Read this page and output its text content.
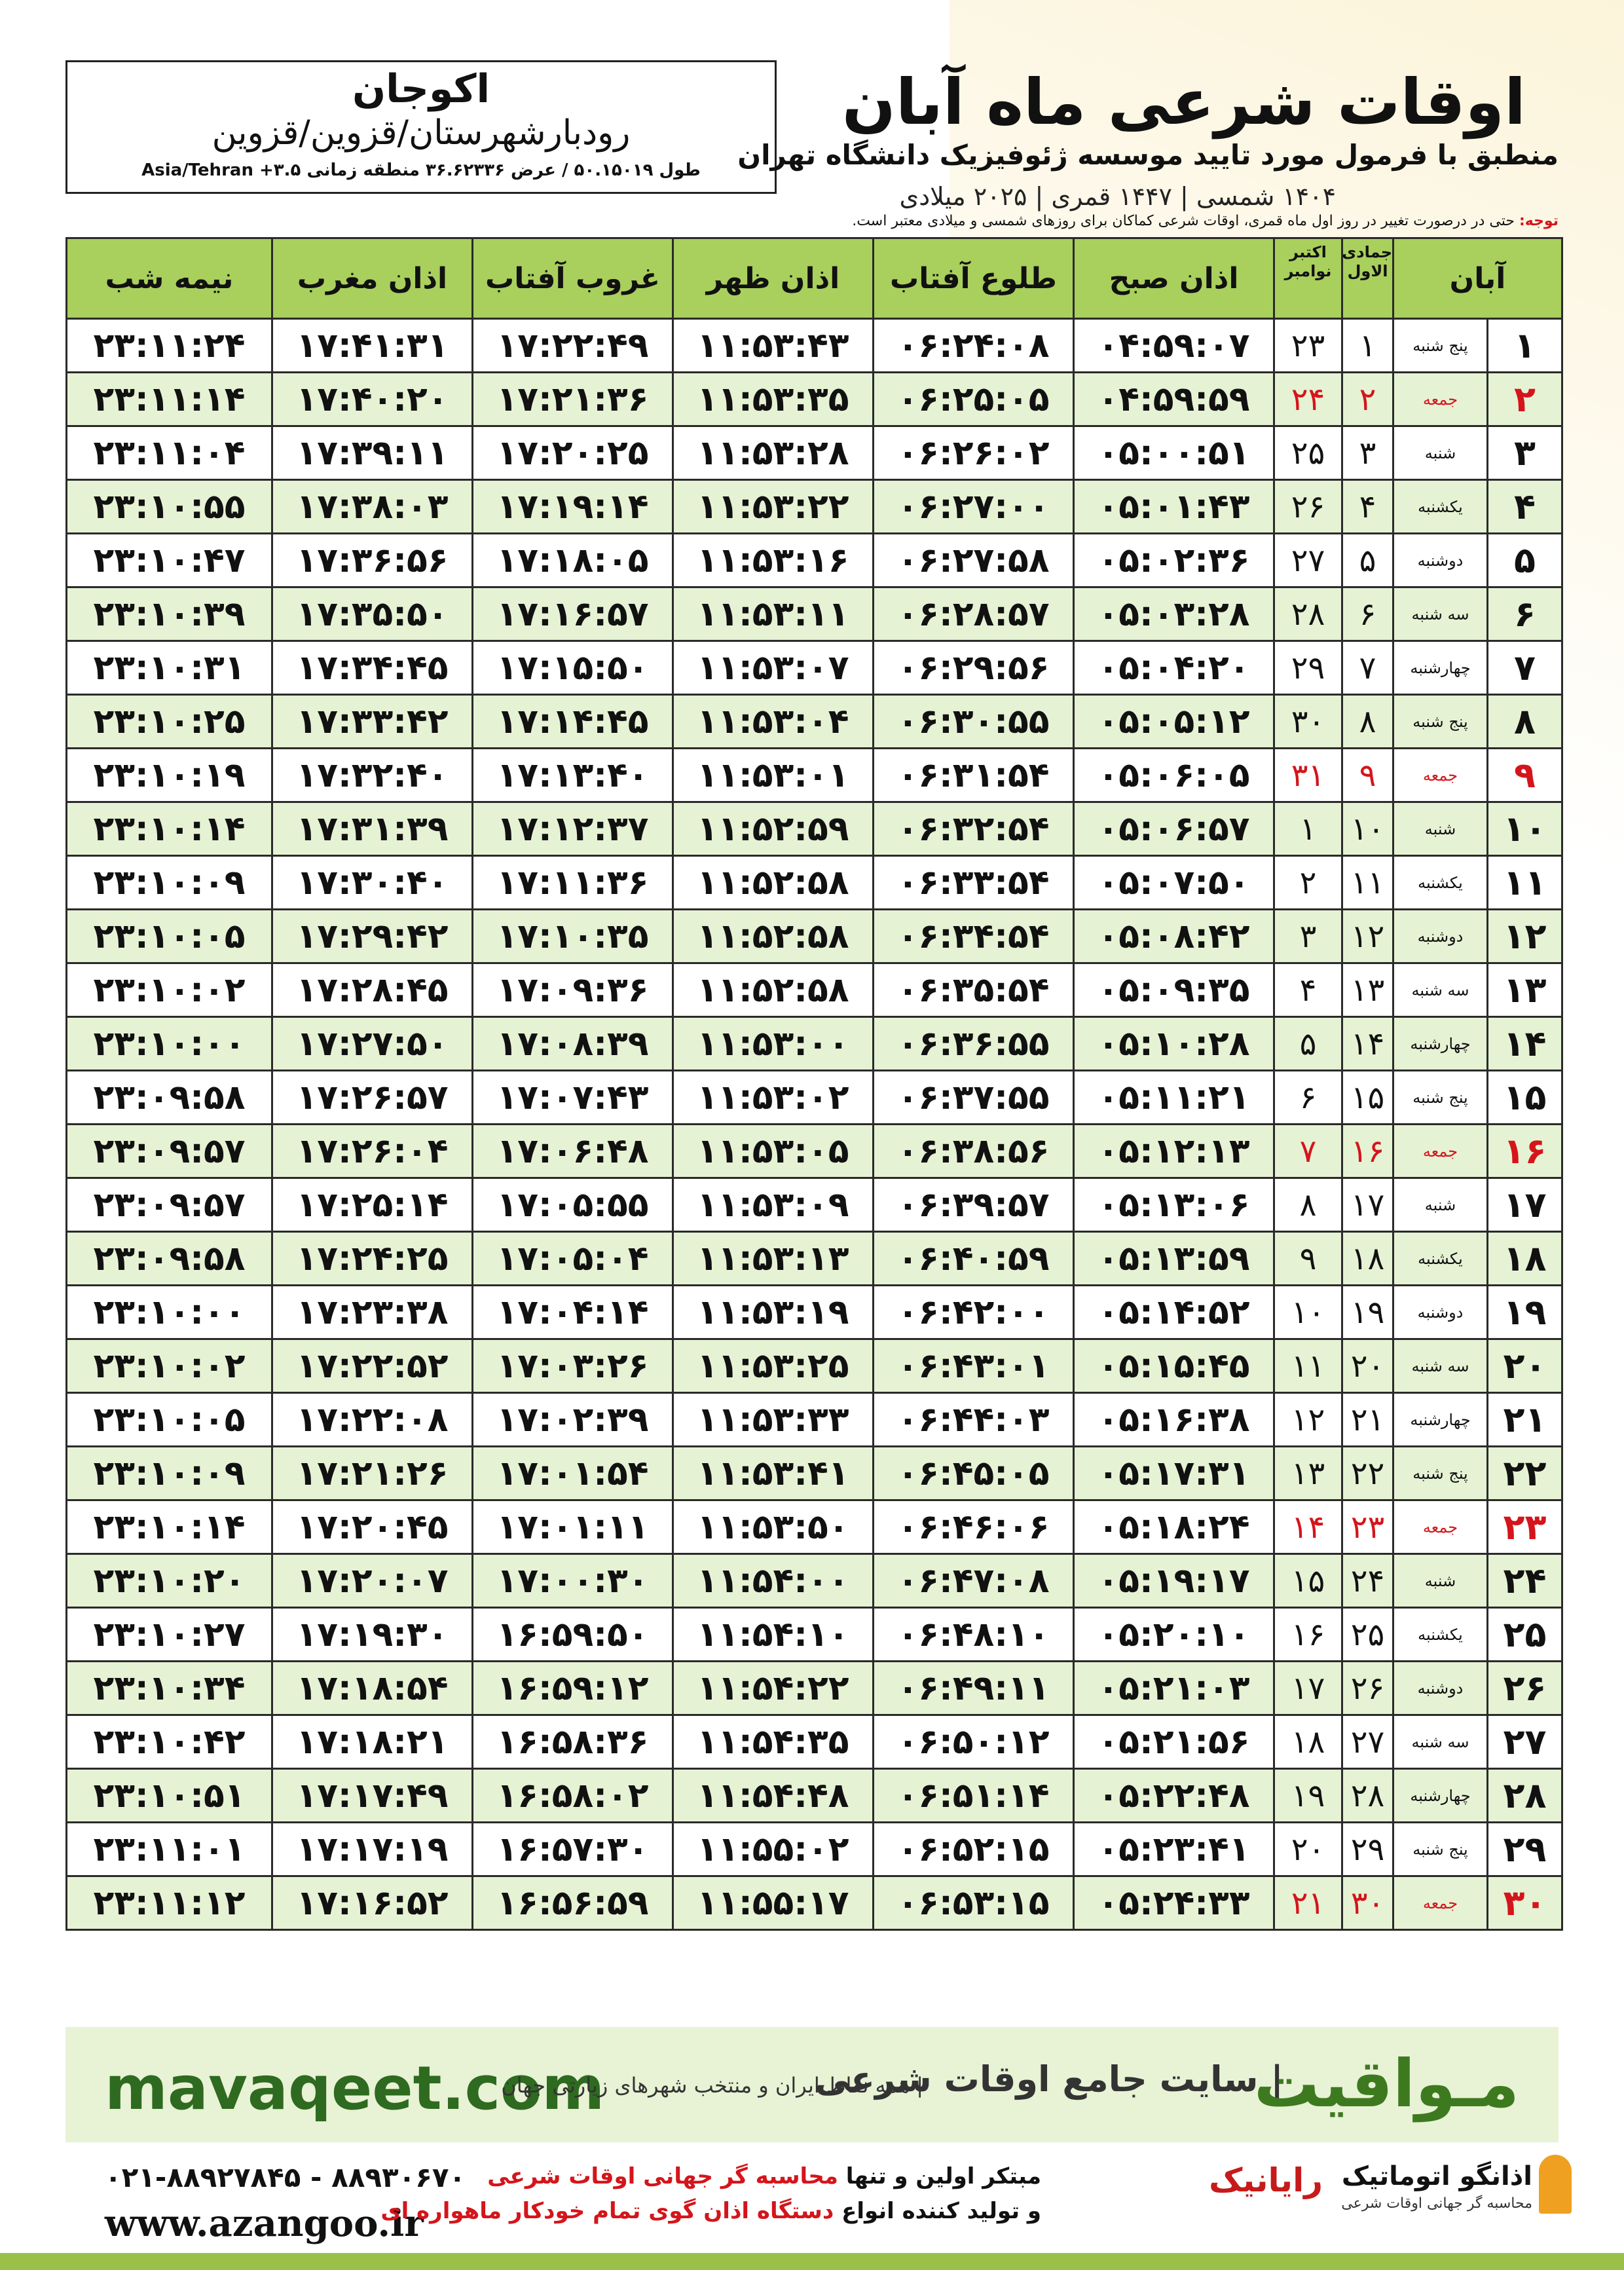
اکوجان
رودبارشهرستان/قزوین/قزوین
طول ۵۰.۱۵۰۱۹ / عرض ۳۶.۶۲۳۳۶ منطقه زمانی ۳.۵+ Asia/Tehran
اوقات شرعی ماه آبان
منطبق با فرمول مورد تایید موسسه ژئوفیزیک دانشگاه تهران
۱۴۰۴ شمسی | ۱۴۴۷ قمری | ۲۰۲۵ میلادی
توجه: حتی در درصورت تغییر در روز اول ماه قمری، اوقات شرعی کماکان برای روزهای شمسی و میلادی معتبر است.
آبان		جمادی الاول	اکتبر نوامبر	اذان صبح	طلوع آفتاب	اذان ظهر	غروب آفتاب	اذان مغرب	نیمه شب
۱	پنج شنبه	۱	۲۳	۰۴:۵۹:۰۷	۰۶:۲۴:۰۸	۱۱:۵۳:۴۳	۱۷:۲۲:۴۹	۱۷:۴۱:۳۱	۲۳:۱۱:۲۴
۲	جمعه	۲	۲۴	۰۴:۵۹:۵۹	۰۶:۲۵:۰۵	۱۱:۵۳:۳۵	۱۷:۲۱:۳۶	۱۷:۴۰:۲۰	۲۳:۱۱:۱۴
۳	شنبه	۳	۲۵	۰۵:۰۰:۵۱	۰۶:۲۶:۰۲	۱۱:۵۳:۲۸	۱۷:۲۰:۲۵	۱۷:۳۹:۱۱	۲۳:۱۱:۰۴
۴	یکشنبه	۴	۲۶	۰۵:۰۱:۴۳	۰۶:۲۷:۰۰	۱۱:۵۳:۲۲	۱۷:۱۹:۱۴	۱۷:۳۸:۰۳	۲۳:۱۰:۵۵
۵	دوشنبه	۵	۲۷	۰۵:۰۲:۳۶	۰۶:۲۷:۵۸	۱۱:۵۳:۱۶	۱۷:۱۸:۰۵	۱۷:۳۶:۵۶	۲۳:۱۰:۴۷
۶	سه شنبه	۶	۲۸	۰۵:۰۳:۲۸	۰۶:۲۸:۵۷	۱۱:۵۳:۱۱	۱۷:۱۶:۵۷	۱۷:۳۵:۵۰	۲۳:۱۰:۳۹
۷	چهارشنبه	۷	۲۹	۰۵:۰۴:۲۰	۰۶:۲۹:۵۶	۱۱:۵۳:۰۷	۱۷:۱۵:۵۰	۱۷:۳۴:۴۵	۲۳:۱۰:۳۱
۸	پنج شنبه	۸	۳۰	۰۵:۰۵:۱۲	۰۶:۳۰:۵۵	۱۱:۵۳:۰۴	۱۷:۱۴:۴۵	۱۷:۳۳:۴۲	۲۳:۱۰:۲۵
۹	جمعه	۹	۳۱	۰۵:۰۶:۰۵	۰۶:۳۱:۵۴	۱۱:۵۳:۰۱	۱۷:۱۳:۴۰	۱۷:۳۲:۴۰	۲۳:۱۰:۱۹
۱۰	شنبه	۱۰	۱	۰۵:۰۶:۵۷	۰۶:۳۲:۵۴	۱۱:۵۲:۵۹	۱۷:۱۲:۳۷	۱۷:۳۱:۳۹	۲۳:۱۰:۱۴
۱۱	یکشنبه	۱۱	۲	۰۵:۰۷:۵۰	۰۶:۳۳:۵۴	۱۱:۵۲:۵۸	۱۷:۱۱:۳۶	۱۷:۳۰:۴۰	۲۳:۱۰:۰۹
۱۲	دوشنبه	۱۲	۳	۰۵:۰۸:۴۲	۰۶:۳۴:۵۴	۱۱:۵۲:۵۸	۱۷:۱۰:۳۵	۱۷:۲۹:۴۲	۲۳:۱۰:۰۵
۱۳	سه شنبه	۱۳	۴	۰۵:۰۹:۳۵	۰۶:۳۵:۵۴	۱۱:۵۲:۵۸	۱۷:۰۹:۳۶	۱۷:۲۸:۴۵	۲۳:۱۰:۰۲
۱۴	چهارشنبه	۱۴	۵	۰۵:۱۰:۲۸	۰۶:۳۶:۵۵	۱۱:۵۳:۰۰	۱۷:۰۸:۳۹	۱۷:۲۷:۵۰	۲۳:۱۰:۰۰
۱۵	پنج شنبه	۱۵	۶	۰۵:۱۱:۲۱	۰۶:۳۷:۵۵	۱۱:۵۳:۰۲	۱۷:۰۷:۴۳	۱۷:۲۶:۵۷	۲۳:۰۹:۵۸
۱۶	جمعه	۱۶	۷	۰۵:۱۲:۱۳	۰۶:۳۸:۵۶	۱۱:۵۳:۰۵	۱۷:۰۶:۴۸	۱۷:۲۶:۰۴	۲۳:۰۹:۵۷
۱۷	شنبه	۱۷	۸	۰۵:۱۳:۰۶	۰۶:۳۹:۵۷	۱۱:۵۳:۰۹	۱۷:۰۵:۵۵	۱۷:۲۵:۱۴	۲۳:۰۹:۵۷
۱۸	یکشنبه	۱۸	۹	۰۵:۱۳:۵۹	۰۶:۴۰:۵۹	۱۱:۵۳:۱۳	۱۷:۰۵:۰۴	۱۷:۲۴:۲۵	۲۳:۰۹:۵۸
۱۹	دوشنبه	۱۹	۱۰	۰۵:۱۴:۵۲	۰۶:۴۲:۰۰	۱۱:۵۳:۱۹	۱۷:۰۴:۱۴	۱۷:۲۳:۳۸	۲۳:۱۰:۰۰
۲۰	سه شنبه	۲۰	۱۱	۰۵:۱۵:۴۵	۰۶:۴۳:۰۱	۱۱:۵۳:۲۵	۱۷:۰۳:۲۶	۱۷:۲۲:۵۲	۲۳:۱۰:۰۲
۲۱	چهارشنبه	۲۱	۱۲	۰۵:۱۶:۳۸	۰۶:۴۴:۰۳	۱۱:۵۳:۳۳	۱۷:۰۲:۳۹	۱۷:۲۲:۰۸	۲۳:۱۰:۰۵
۲۲	پنج شنبه	۲۲	۱۳	۰۵:۱۷:۳۱	۰۶:۴۵:۰۵	۱۱:۵۳:۴۱	۱۷:۰۱:۵۴	۱۷:۲۱:۲۶	۲۳:۱۰:۰۹
۲۳	جمعه	۲۳	۱۴	۰۵:۱۸:۲۴	۰۶:۴۶:۰۶	۱۱:۵۳:۵۰	۱۷:۰۱:۱۱	۱۷:۲۰:۴۵	۲۳:۱۰:۱۴
۲۴	شنبه	۲۴	۱۵	۰۵:۱۹:۱۷	۰۶:۴۷:۰۸	۱۱:۵۴:۰۰	۱۷:۰۰:۳۰	۱۷:۲۰:۰۷	۲۳:۱۰:۲۰
۲۵	یکشنبه	۲۵	۱۶	۰۵:۲۰:۱۰	۰۶:۴۸:۱۰	۱۱:۵۴:۱۰	۱۶:۵۹:۵۰	۱۷:۱۹:۳۰	۲۳:۱۰:۲۷
۲۶	دوشنبه	۲۶	۱۷	۰۵:۲۱:۰۳	۰۶:۴۹:۱۱	۱۱:۵۴:۲۲	۱۶:۵۹:۱۲	۱۷:۱۸:۵۴	۲۳:۱۰:۳۴
۲۷	سه شنبه	۲۷	۱۸	۰۵:۲۱:۵۶	۰۶:۵۰:۱۲	۱۱:۵۴:۳۵	۱۶:۵۸:۳۶	۱۷:۱۸:۲۱	۲۳:۱۰:۴۲
۲۸	چهارشنبه	۲۸	۱۹	۰۵:۲۲:۴۸	۰۶:۵۱:۱۴	۱۱:۵۴:۴۸	۱۶:۵۸:۰۲	۱۷:۱۷:۴۹	۲۳:۱۰:۵۱
۲۹	پنج شنبه	۲۹	۲۰	۰۵:۲۳:۴۱	۰۶:۵۲:۱۵	۱۱:۵۵:۰۲	۱۶:۵۷:۳۰	۱۷:۱۷:۱۹	۲۳:۱۱:۰۱
۳۰	جمعه	۳۰	۲۱	۰۵:۲۴:۳۳	۰۶:۵۳:۱۵	۱۱:۵۵:۱۷	۱۶:۵۶:۵۹	۱۷:۱۶:۵۲	۲۳:۱۱:۱۲
mavaqeet.com
| همه نقاط ایران و منتخب شهرهای زیارتی جهان
| سایت جامع اوقات شرعی
مـواقیت
۰۲۱-۸۸۹۲۷۸۴۵ - ۸۸۹۳۰۶۷۰
www.azangoo.ir
مبتکر اولین و تنها محاسبه گر جهانی اوقات شرعی
و تولید کننده انواع دستگاه اذان گوی تمام خودکار ماهواره ای
رایانیک اذانگو اتوماتیک
محاسبه گر جهانی اوقات شرعی
